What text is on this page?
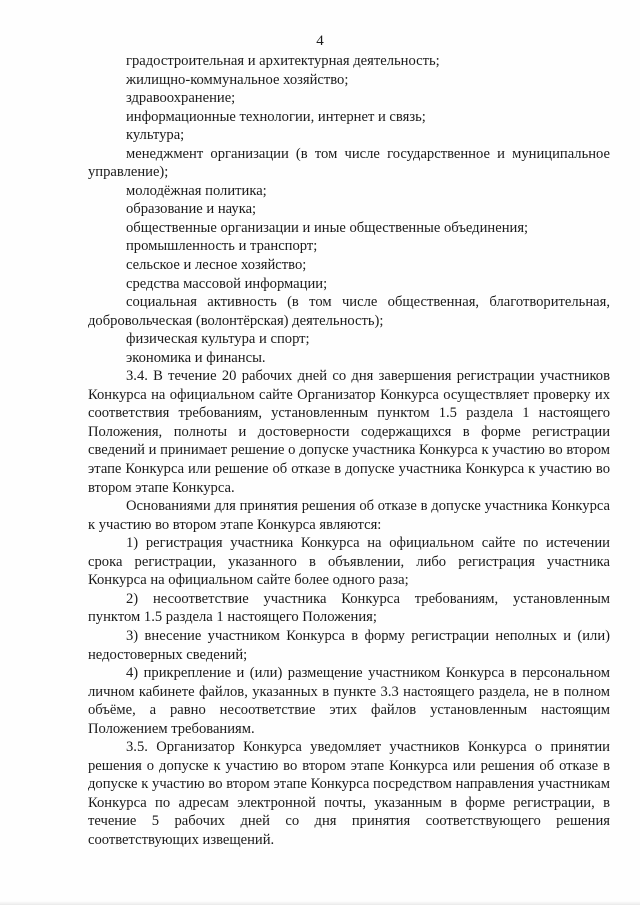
4
градостроительная и архитектурная деятельность;
жилищно-коммунальное хозяйство;
здравоохранение;
информационные технологии, интернет и связь;
культура;
менеджмент организации (в том числе государственное и муниципальное
управление);
молодёжная политика;
образование и наука;
общественные организации и иные общественные объединения;
промышленность и транспорт;
сельское и лесное хозяйство;
средства массовой информации;
социальная активность (в том числе общественная, благотворительная,
добровольческая (волонтёрская) деятельность);
физическая культура и спорт;
экономика и финансы.

3.4. В течение 20 рабочих дней со дня завершения регистрации участников Конкурса на официальном сайте Организатор Конкурса осуществляет проверку их соответствия требованиям, установленным пунктом 1.5 раздела 1 настоящего Положения, полноты и достоверности содержащихся в форме регистрации сведений и принимает решение о допуске участника Конкурса к участию во втором этапе Конкурса или решение об отказе в допуске участника Конкурса к участию во втором этапе Конкурса.

Основаниями для принятия решения об отказе в допуске участника Конкурса к участию во втором этапе Конкурса являются:

1) регистрация участника Конкурса на официальном сайте по истечении срока регистрации, указанного в объявлении, либо регистрация участника Конкурса на официальном сайте более одного раза;

2) несоответствие участника Конкурса требованиям, установленным пунктом 1.5 раздела 1 настоящего Положения;

3) внесение участником Конкурса в форму регистрации неполных и (или) недостоверных сведений;

4) прикрепление и (или) размещение участником Конкурса в персональном личном кабинете файлов, указанных в пункте 3.3 настоящего раздела, не в полном объёме, а равно несоответствие этих файлов установленным настоящим Положением требованиям.

3.5. Организатор Конкурса уведомляет участников Конкурса о принятии решения о допуске к участию во втором этапе Конкурса или решения об отказе в допуске к участию во втором этапе Конкурса посредством направления участникам Конкурса по адресам электронной почты, указанным в форме регистрации, в течение 5 рабочих дней со дня принятия соответствующего решения соответствующих извещений.
